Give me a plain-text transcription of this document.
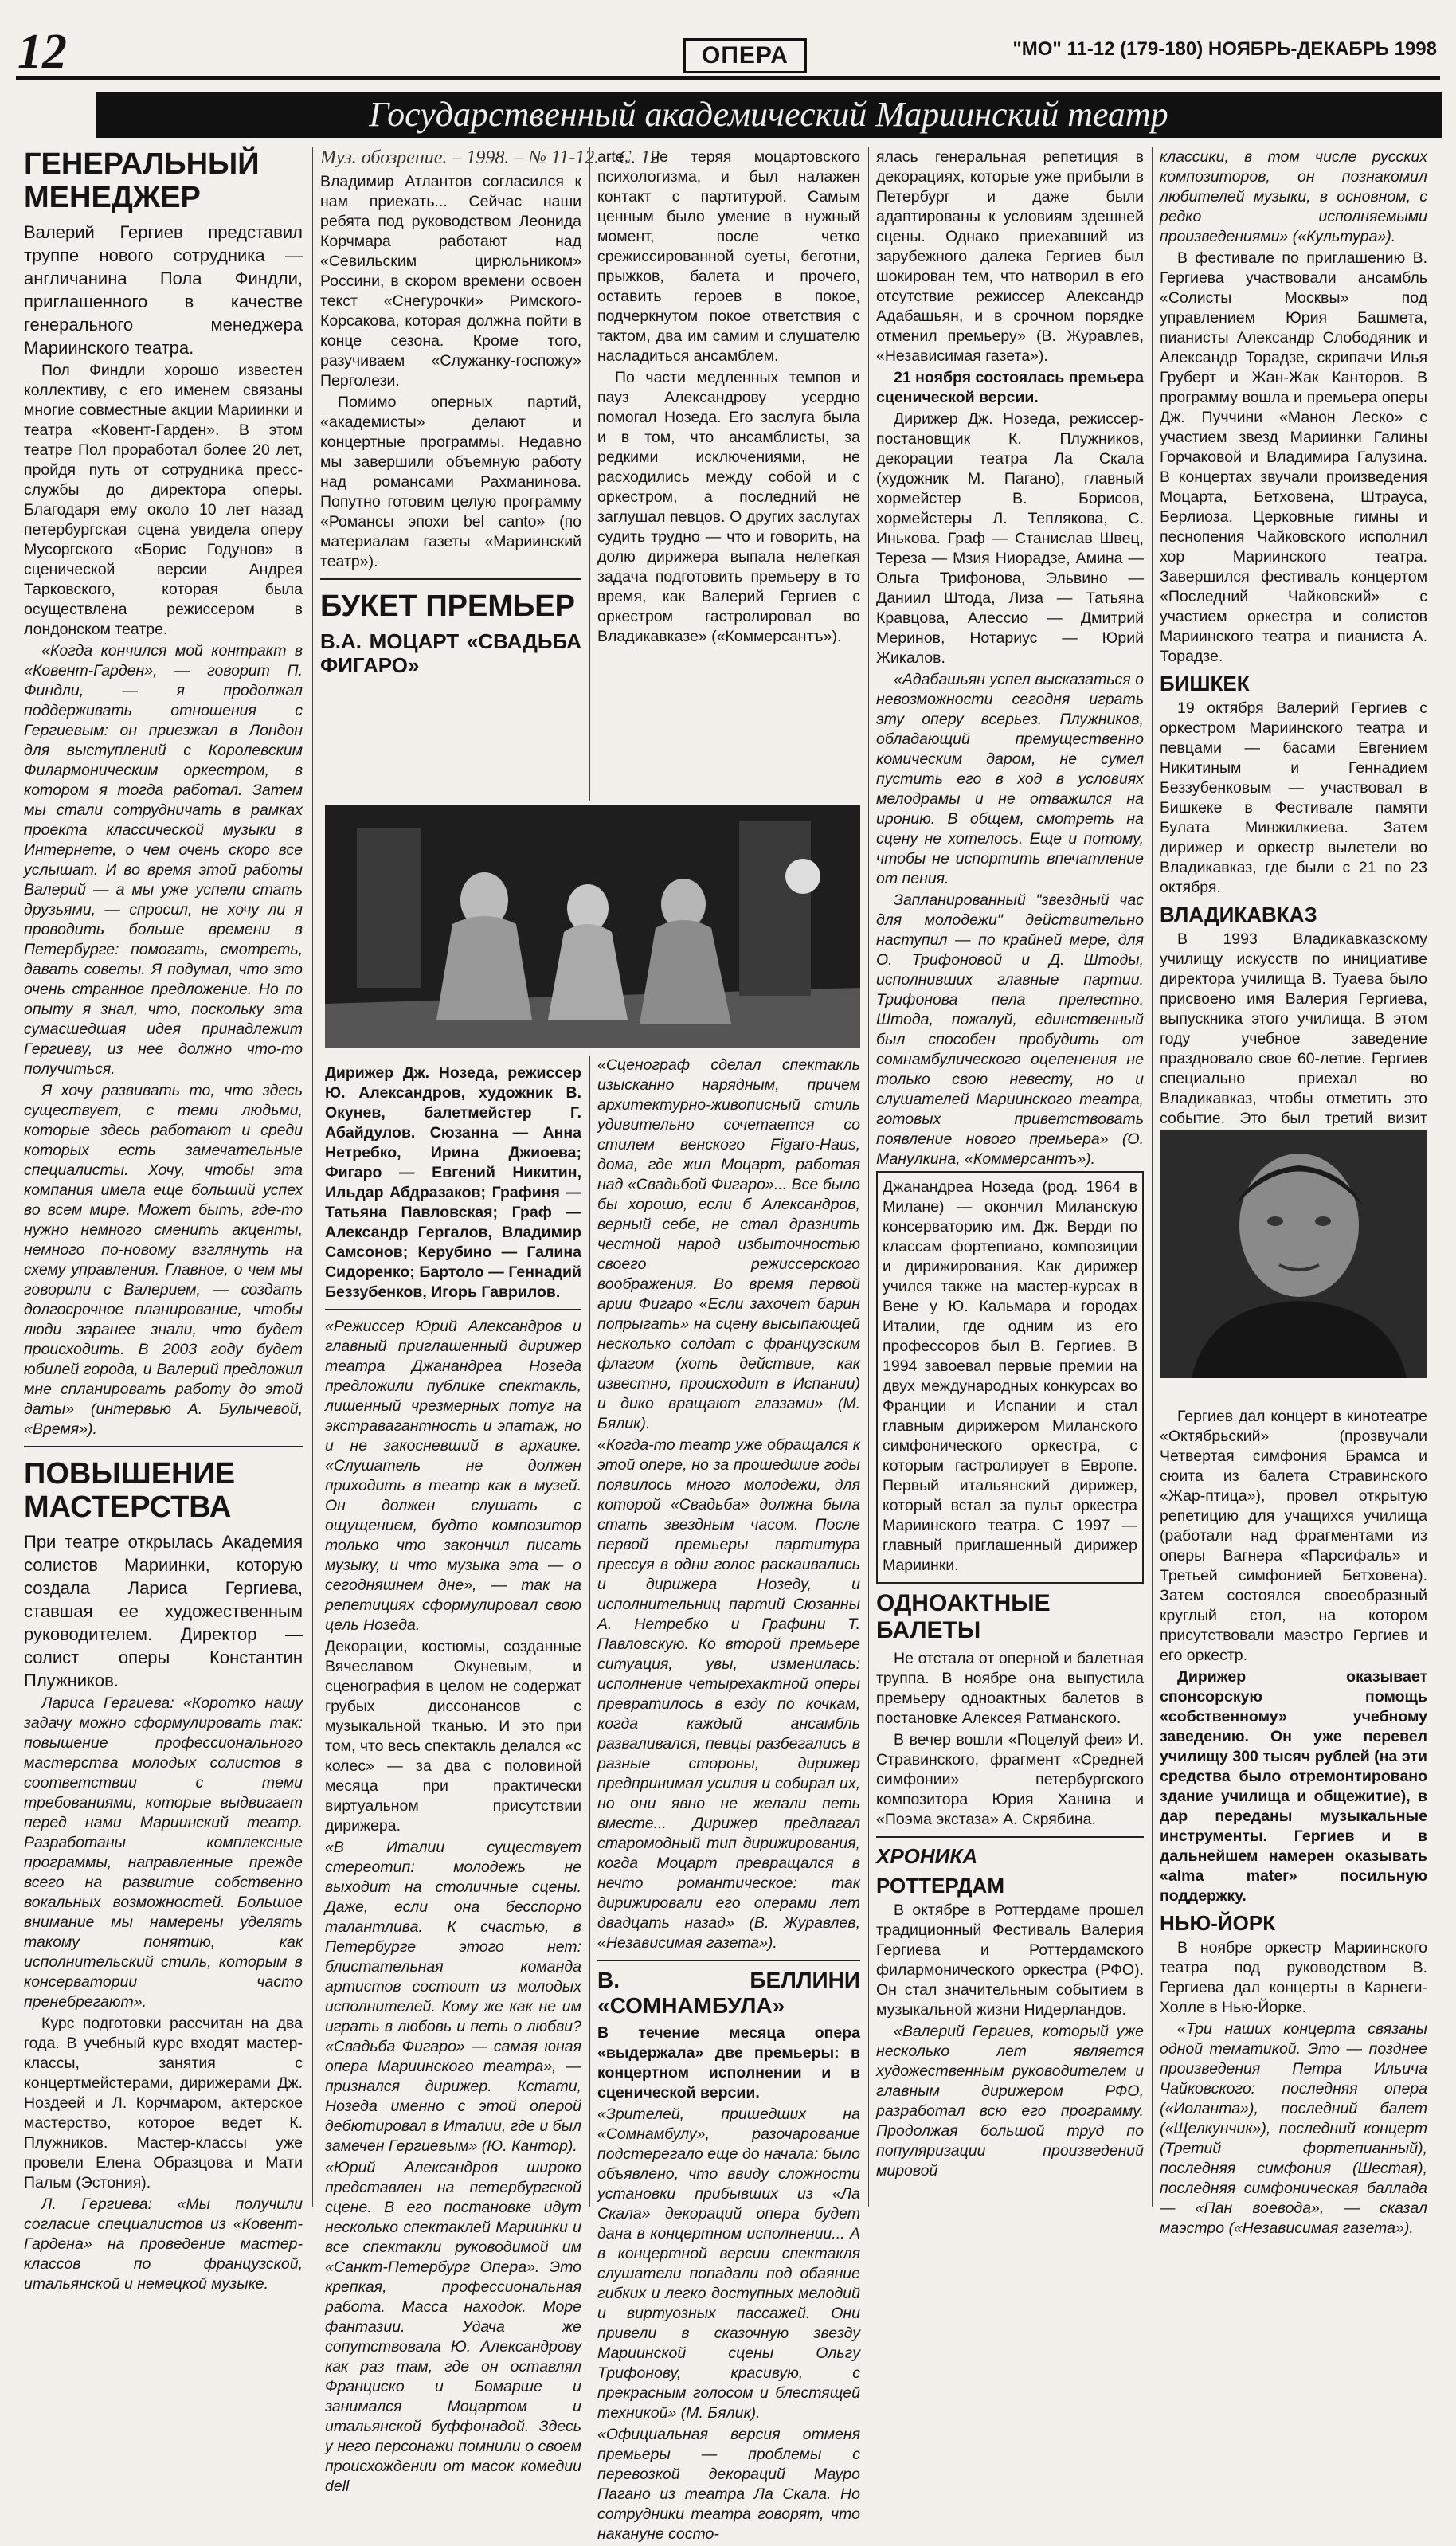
12	ОПЕРА	"МО" 11-12 (179-180) НОЯБРЬ-ДЕКАБРЬ 1998
Государственный академический Мариинский театр
ГЕНЕРАЛЬНЫЙ МЕНЕДЖЕР

Валерий Гергиев представил труппе нового сотрудника — англичанина Пола Финдли, приглашенного в качестве генерального менеджера Мариинского театра.

Пол Финдли хорошо известен коллективу, с его именем связаны многие совместные акции Мариинки и театра «Ковент-Гарден». В этом театре Пол проработал более 20 лет, пройдя путь от сотрудника пресс-службы до директора оперы. Благодаря ему около 10 лет назад петербургская сцена увидела оперу Мусоргского «Борис Годунов» в сценической версии Андрея Тарковского, которая была осуществлена режиссером в лондонском театре.

«Когда кончился мой контракт в «Ковент-Гарден», — говорит П. Финдли, — я продолжал поддерживать отношения с Гергиевым: он приезжал в Лондон для выступлений с Королевским Филармоническим оркестром, в котором я тогда работал. Затем мы стали сотрудничать в рамках проекта классической музыки в Интернете, о чем очень скоро все услышат. И во время этой работы Валерий — а мы уже успели стать друзьями, — спросил, не хочу ли я проводить больше времени в Петербурге: помогать, смотреть, давать советы. Я подумал, что это очень странное предложение. Но по опыту я знал, что, поскольку эта сумасшедшая идея принадлежит Гергиеву, из нее должно что-то получиться.

Я хочу развивать то, что здесь существует, с теми людьми, которые здесь работают и среди которых есть замечательные специалисты. Хочу, чтобы эта компания имела еще больший успех во всем мире. Может быть, где-то нужно немного сменить акценты, немного по-новому взглянуть на схему управления. Главное, о чем мы говорили с Валерием, — создать долгосрочное планирование, чтобы люди заранее знали, что будет происходить. В 2003 году будет юбилей города, и Валерий предложил мне спланировать работу до этой даты» (интервью А. Булычевой, «Время»).

ПОВЫШЕНИЕ МАСТЕРСТВА

При театре открылась Академия солистов Мариинки, которую создала Лариса Гергиева, ставшая ее художественным руководителем. Директор — солист оперы Константин Плужников.

Лариса Гергиева: «Коротко нашу задачу можно сформулировать так: повышение профессионального мастерства молодых солистов в соответствии с теми требованиями, которые выдвигает перед нами Мариинский театр. Разработаны комплексные программы, направленные прежде всего на развитие собственно вокальных возможностей. Большое внимание мы намерены уделять такому понятию, как исполнительский стиль, которым в консерватории часто пренебрегают».

Курс подготовки рассчитан на два года. В учебный курс входят мастер-классы, занятия с концертмейстерами, дирижерами Дж. Ноздеей и Л. Корчмаром, актерское мастерство, которое ведет К. Плужников. Мастер-классы уже провели Елена Образцова и Мати Пальм (Эстония).

Л. Гергиева: «Мы получили согласие специалистов из «Ковент-Гардена» на проведение мастер-классов по французской, итальянской и немецкой музыке.

Муз. обозрение. – 1998. – № 11-12. – С. 12

Владимир Атлантов согласился к нам приехать... Сейчас наши ребята под руководством Леонида Корчмара работают над «Севильским цирюльником» Россини, в скором времени освоен текст «Снегурочки» Римского-Корсакова, которая должна пойти в конце сезона. Кроме того, разучиваем «Служанку-госпожу» Перголези.

Помимо оперных партий, «академисты» делают и концертные программы. Недавно мы завершили объемную работу над романсами Рахманинова. Попутно готовим целую программу «Романсы эпохи bel canto» (по материалам газеты «Мариинский театр»).

БУКЕТ ПРЕМЬЕР
В.А. МОЦАРТ «СВАДЬБА ФИГАРО»

arte, не теряя моцартовского психологизма, и был налажен контакт с партитурой. Самым ценным было умение в нужный момент, после четко срежиссированной суеты, беготни, прыжков, балета и прочего, оставить героев в покое, подчеркнутом покое ответствия с тактом, два им самим и слушателю насладиться ансамблем.

По части медленных темпов и пауз Александрову усердно помогал Нозеда. Его заслуга была и в том, что ансамблисты, за редкими исключениями, не расходились между собой и с оркестром, а последний не заглушал певцов. О других заслугах судить трудно — что и говорить, на долю дирижера выпала нелегкая задача подготовить премьеру в то время, как Валерий Гергиев с оркестром гастролировал во Владикавказе» («Коммерсантъ»).

Дирижер Дж. Нозеда, режиссер Ю. Александров, художник В. Окунев, балетмейстер Г. Абайдулов. Сюзанна — Анна Нетребко, Ирина Джиоева; Фигаро — Евгений Никитин, Ильдар Абдразаков; Графиня — Татьяна Павловская; Граф — Александр Гергалов, Владимир Самсонов; Керубино — Галина Сидоренко; Бартоло — Геннадий Беззубенков, Игорь Гаврилов.

«Режиссер Юрий Александров и главный приглашенный дирижер театра Джанандреа Нозеда предложили публике спектакль, лишенный чрезмерных потуг на экстравагантность и эпатаж, но и не закосневший в архаике. «Слушатель не должен приходить в театр как в музей. Он должен слушать с ощущением, будто композитор только что закончил писать музыку, и что музыка эта — о сегодняшнем дне», — так на репетициях сформулировал свою цель Нозеда.

Декорации, костюмы, созданные Вячеславом Окуневым, и сценография в целом не содержат грубых диссонансов с музыкальной тканью. И это при том, что весь спектакль делался «с колес» — за два с половиной месяца при практически виртуальном присутствии дирижера.

«В Италии существует стереотип: молодежь не выходит на столичные сцены. Даже, если она бесспорно талантлива. К счастью, в Петербурге этого нет: блистательная команда артистов состоит из молодых исполнителей. Кому же как не им играть в любовь и петь о любви? «Свадьба Фигаро» — самая юная опера Мариинского театра», — признался дирижер. Кстати, Нозеда именно с этой оперой дебютировал в Италии, где и был замечен Гергиевым» (Ю. Кантор).

«Юрий Александров широко представлен на петербургской сцене. В его постановке идут несколько спектаклей Мариинки и все спектакли руководимой им «Санкт-Петербург Опера». Это крепкая, профессиональная работа. Масса находок. Море фантазии. Удача же сопутствовала Ю. Александрову как раз там, где он оставлял Франциско и Бомарше и занимался Моцартом и итальянской буффонадой. Здесь у него персонажи помнили о своем происхождении от масок комедии dell

«Сценограф сделал спектакль изысканно нарядным, причем архитектурно-живописный стиль удивительно сочетается со стилем венского Figaro-Haus, дома, где жил Моцарт, работая над «Свадьбой Фигаро»... Все было бы хорошо, если б Александров, верный себе, не стал дразнить честной народ избыточностью своего режиссерского воображения. Во время первой арии Фигаро «Если захочет барин попрыгать» на сцену высыпающей несколько солдат с французским флагом (хоть действие, как известно, происходит в Испании) и дико вращают глазами» (М. Бялик).

«Когда-то театр уже обращался к этой опере, но за прошедшие годы появилось много молодежи, для которой «Свадьба» должна была стать звездным часом. После первой премьеры партитура прессуя в одни голос раскаивались и дирижера Нозеду, и исполнительниц партий Сюзанны А. Нетребко и Графини Т. Павловскую. Ко второй премьере ситуация, увы, изменилась: исполнение четырехактной оперы превратилось в езду по кочкам, когда каждый ансамбль разваливался, певцы разбегались в разные стороны, дирижер предпринимал усилия и собирал их, но они явно не желали петь вместе... Дирижер предлагал старомодный тип дирижирования, когда Моцарт превращался в нечто романтическое: так дирижировали его операми лет двадцать назад» (В. Журавлев, «Независимая газета»).

В. БЕЛЛИНИ «СОМНАМБУЛА»

В течение месяца опера «выдержала» две премьеры: в концертном исполнении и в сценической версии.

«Зрителей, пришедших на «Сомнамбулу», разочарование подстерегало еще до начала: было объявлено, что ввиду сложности установки прибывших из «Ла Скала» декораций опера будет дана в концертном исполнении... А в концертной версии спектакля слушатели попадали под обаяние гибких и легко доступных мелодий и виртуозных пассажей. Они привели в сказочную звезду Мариинской сцены Ольгу Трифонову, красивую, с прекрасным голосом и блестящей техникой» (М. Бялик).

«Официальная версия отменя премьеры — проблемы с перевозкой декораций Мауро Пагано из театра Ла Скала. Но сотрудники театра говорят, что накануне состо-

ялась генеральная репетиция в декорациях, которые уже прибыли в Петербург и даже были адаптированы к условиям здешней сцены. Однако приехавший из зарубежного далека Гергиев был шокирован тем, что натворил в его отсутствие режиссер Александр Адабашьян, и в срочном порядке отменил премьеру» (В. Журавлев, «Независимая газета»).

21 ноября состоялась премьера сценической версии.

Дирижер Дж. Нозеда, режиссер-постановщик К. Плужников, декорации театра Ла Скала (художник М. Пагано), главный хормейстер В. Борисов, хормейстеры Л. Теплякова, С. Инькова. Граф — Станислав Швец, Тереза — Мзия Ниорадзе, Амина — Ольга Трифонова, Эльвино — Даниил Штода, Лиза — Татьяна Кравцова, Алессио — Дмитрий Меринов, Нотариус — Юрий Жикалов.

«Адабашьян успел высказаться о невозможности сегодня играть эту оперу всерьез. Плужников, обладающий премущественно комическим даром, не сумел пустить его в ход в условиях мелодрамы и не отважился на иронию. В общем, смотреть на сцену не хотелось. Еще и потому, чтобы не испортить впечатление от пения.

Запланированный "звездный час для молодежи" действительно наступил — по крайней мере, для О. Трифоновой и Д. Штоды, исполнивших главные партии. Трифонова пела прелестно. Штода, пожалуй, единственный был способен пробудить от сомнамбулического оцепенения не только свою невесту, но и слушателей Мариинского театра, готовых приветствовать появление нового премьера» (О. Манулкина, «Коммерсантъ»).

Джанандреа Нозеда (род. 1964 в Милане) — окончил Миланскую консерваторию им. Дж. Верди по классам фортепиано, композиции и дирижирования. Как дирижер учился также на мастер-курсах в Вене у Ю. Кальмара и городах Италии, где одним из его профессоров был В. Гергиев. В 1994 завоевал первые премии на двух международных конкурсах во Франции и Испании и стал главным дирижером Миланского симфонического оркестра, с которым гастролирует в Европе. Первый итальянский дирижер, который встал за пульт оркестра Мариинского театра. С 1997 — главный приглашенный дирижер Мариинки.

ОДНОАКТНЫЕ БАЛЕТЫ

Не отстала от оперной и балетная труппа. В ноябре она выпустила премьеру одноактных балетов в постановке Алексея Ратманского.

В вечер вошли «Поцелуй феи» И. Стравинского, фрагмент «Средней симфонии» петербургского композитора Юрия Ханина и «Поэма экстаза» А. Скрябина.

ХРОНИКА
РОТТЕРДАМ

В октябре в Роттердаме прошел традиционный Фестиваль Валерия Гергиева и Роттердамского филармонического оркестра (РФО). Он стал значительным событием в музыкальной жизни Нидерландов.

«Валерий Гергиев, который уже несколько лет является художественным руководителем и главным дирижером РФО, разработал всю его программу. Продолжая большой труд по популяризации произведений мировой

классики, в том числе русских композиторов, он познакомил любителей музыки, в основном, с редко исполняемыми произведениями» («Культура»).

В фестивале по приглашению В. Гергиева участвовали ансамбль «Солисты Москвы» под управлением Юрия Башмета, пианисты Александр Слободяник и Александр Торадзе, скрипачи Илья Груберт и Жан-Жак Канторов. В программу вошла и премьера оперы Дж. Пуччини «Манон Леско» с участием звезд Мариинки Галины Горчаковой и Владимира Галузина. В концертах звучали произведения Моцарта, Бетховена, Штрауса, Берлиоза. Церковные гимны и песнопения Чайковского исполнил хор Мариинского театра. Завершился фестиваль концертом «Последний Чайковский» с участием оркестра и солистов Мариинского театра и пианиста А. Торадзе.

БИШКЕК

19 октября Валерий Гергиев с оркестром Мариинского театра и певцами — басами Евгением Никитиным и Геннадием Беззубенковым — участвовал в Бишкеке в Фестивале памяти Булата Минжилкиева. Затем дирижер и оркестр вылетели во Владикавказ, где были с 21 по 23 октября.

ВЛАДИКАВКАЗ

В 1993 Владикавказскому училищу искусств по инициативе директора училища В. Туаева было присвоено имя Валерия Гергиева, выпускника этого училища. В этом году учебное заведение праздновало свое 60-летие. Гергиев специально приехал во Владикавказ, чтобы отметить это событие. Это был третий визит

Гергиев дал концерт в кинотеатре «Октябрьский» (прозвучали Четвертая симфония Брамса и сюита из балета Стравинского «Жар-птица»), провел открытую репетицию для учащихся училища (работали над фрагментами из оперы Вагнера «Парсифаль» и Третьей симфонией Бетховена). Затем состоялся своеобразный круглый стол, на котором присутствовали маэстро Гергиев и его оркестр.

Дирижер оказывает спонсорскую помощь «собственному» учебному заведению. Он уже перевел училищу 300 тысяч рублей (на эти средства было отремонтировано здание училища и общежитие), в дар переданы музыкальные инструменты. Гергиев и в дальнейшем намерен оказывать «alma mater» посильную поддержку.

НЬЮ-ЙОРК

В ноябре оркестр Мариинского театра под руководством В. Гергиева дал концерты в Карнеги-Холле в Нью-Йорке.

«Три наших концерта связаны одной тематикой. Это — позднее произведения Петра Ильича Чайковского: последняя опера («Иоланта»), последний балет («Щелкунчик»), последний концерт (Третий фортепианный), последняя симфония (Шестая), последняя симфоническая баллада — «Пан воевода», — сказал маэстро («Независимая газета»).
